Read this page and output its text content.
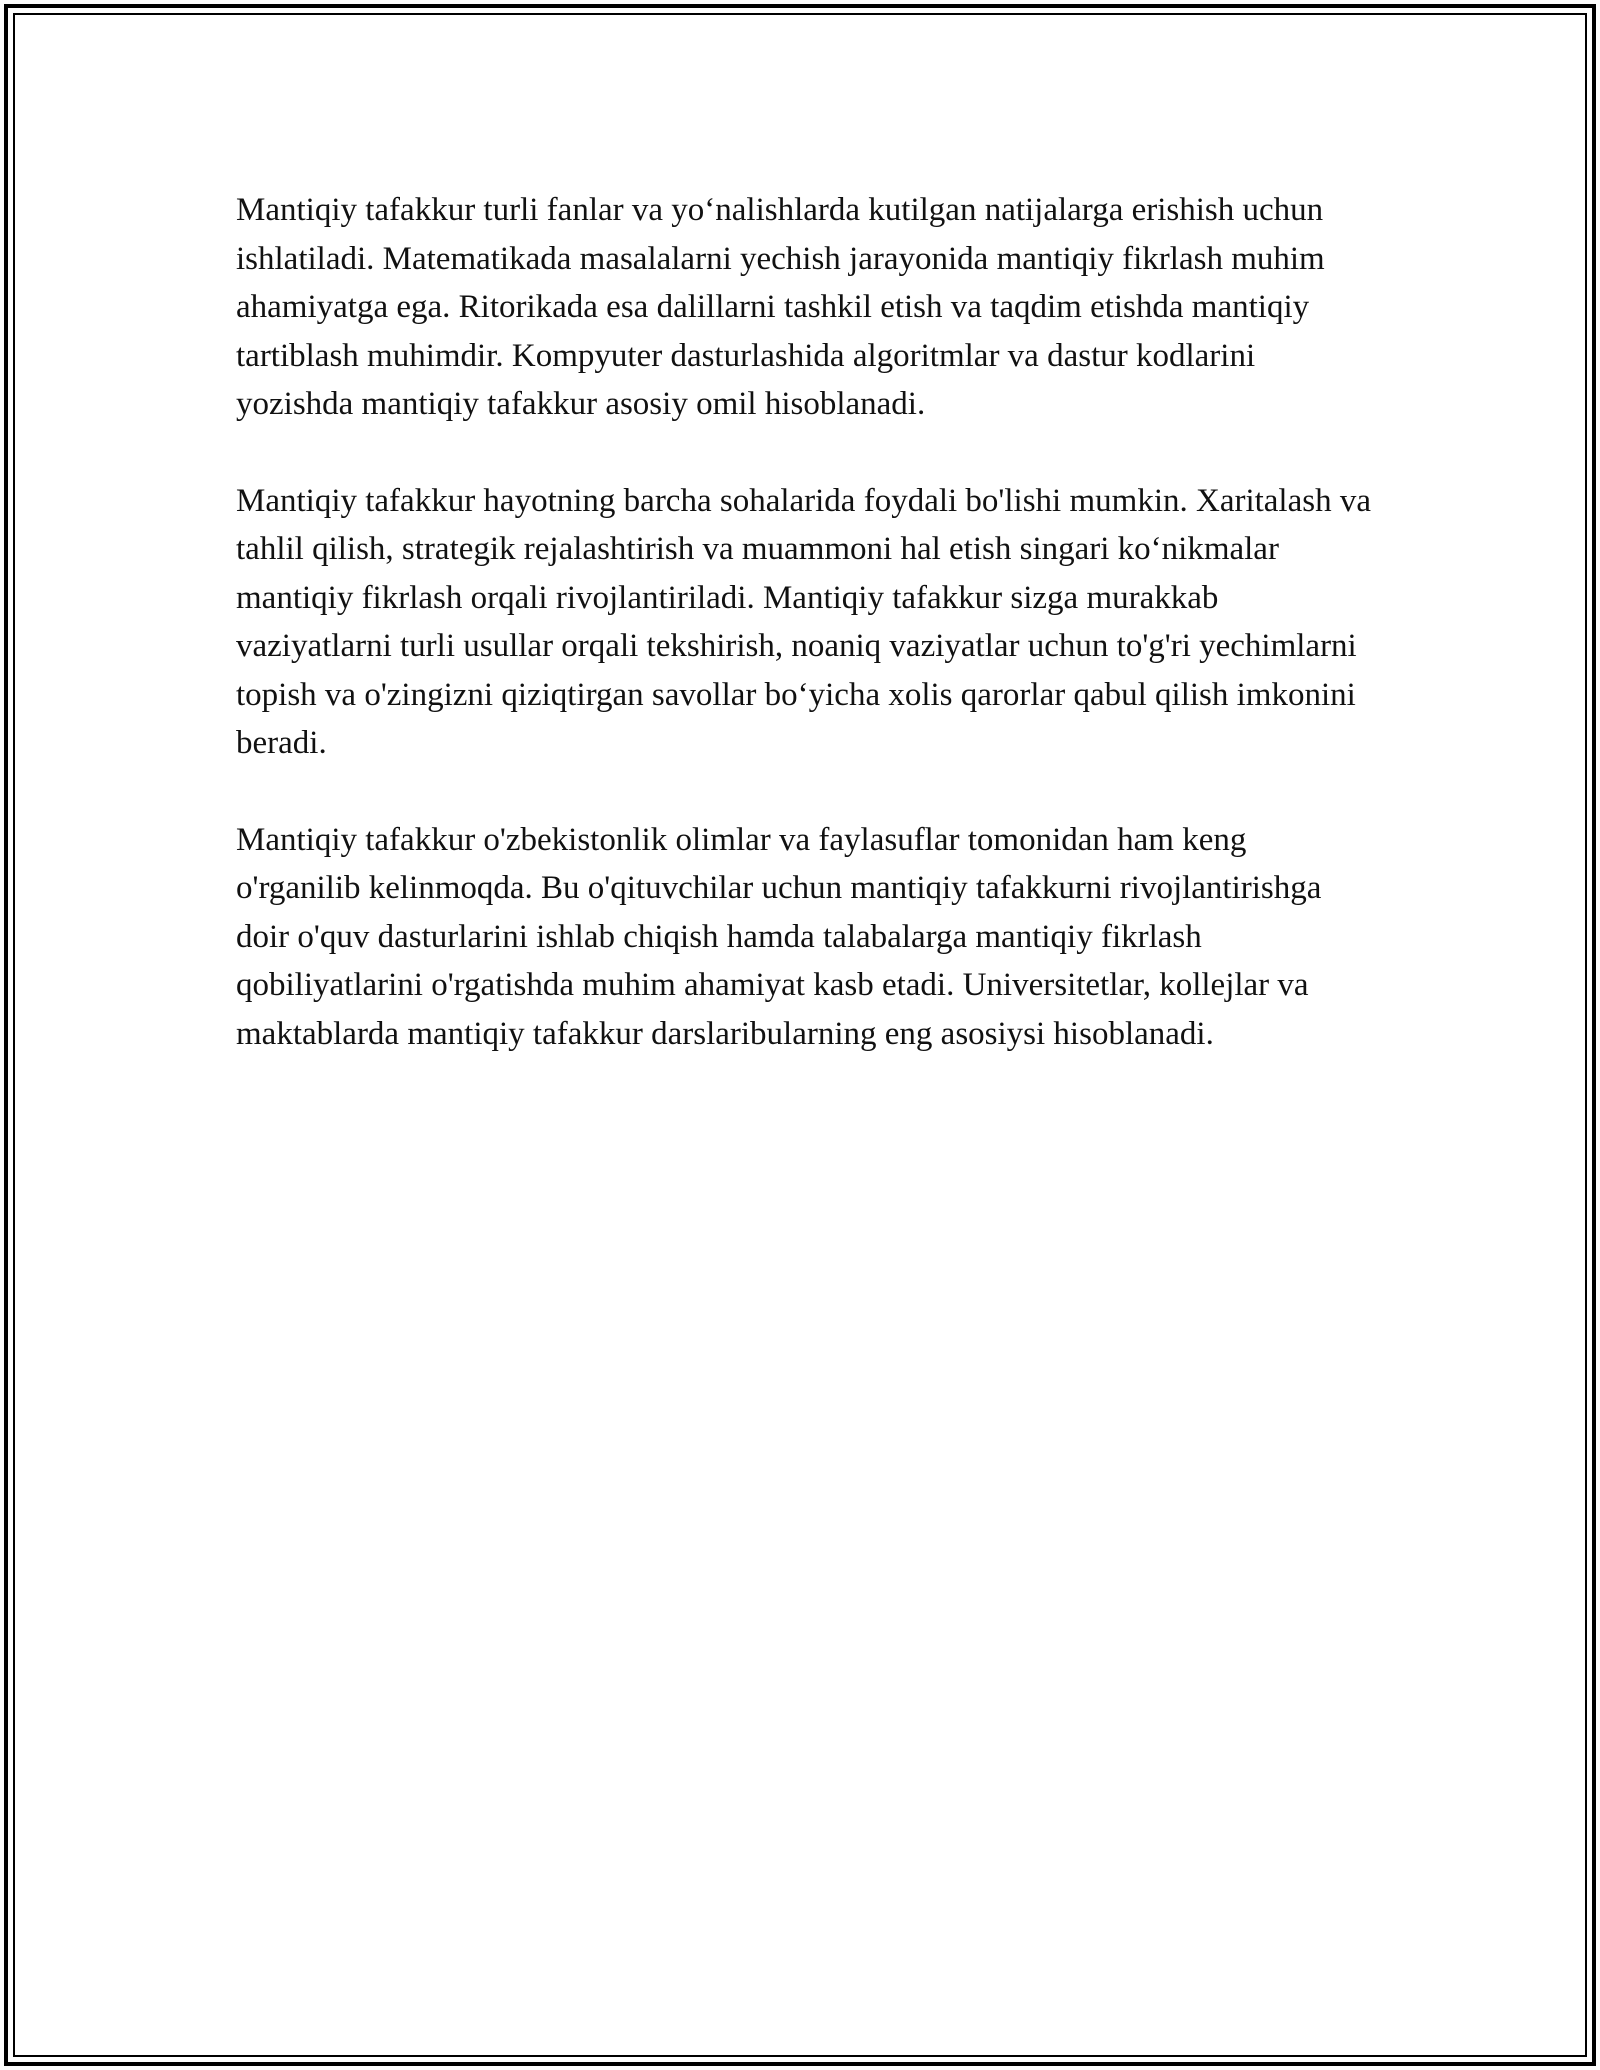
Mantiqiy tafakkur turli fanlar va yo‘nalishlarda kutilgan natijalarga erishish uchun ishlatiladi. Matematikada masalalarni yechish jarayonida mantiqiy fikrlash muhim ahamiyatga ega. Ritorikada esa dalillarni tashkil etish va taqdim etishda mantiqiy tartiblash muhimdir. Kompyuter dasturlashida algoritmlar va dastur kodlarini yozishda mantiqiy tafakkur asosiy omil hisoblanadi.

Mantiqiy tafakkur hayotning barcha sohalarida foydali bo'lishi mumkin. Xaritalash va tahlil qilish, strategik rejalashtirish va muammoni hal etish singari ko‘nikmalar mantiqiy fikrlash orqali rivojlantiriladi. Mantiqiy tafakkur sizga murakkab vaziyatlarni turli usullar orqali tekshirish, noaniq vaziyatlar uchun to'g'ri yechimlarni topish va o'zingizni qiziqtirgan savollar bo‘yicha xolis qarorlar qabul qilish imkonini beradi.

Mantiqiy tafakkur o'zbekistonlik olimlar va faylasuflar tomonidan ham keng o'rganilib kelinmoqda. Bu o'qituvchilar uchun mantiqiy tafakkurni rivojlantirishga doir o'quv dasturlarini ishlab chiqish hamda talabalarga mantiqiy fikrlash qobiliyatlarini o'rgatishda muhim ahamiyat kasb etadi. Universitetlar, kollejlar va maktablarda mantiqiy tafakkur darslaribularning eng asosiysi hisoblanadi.
